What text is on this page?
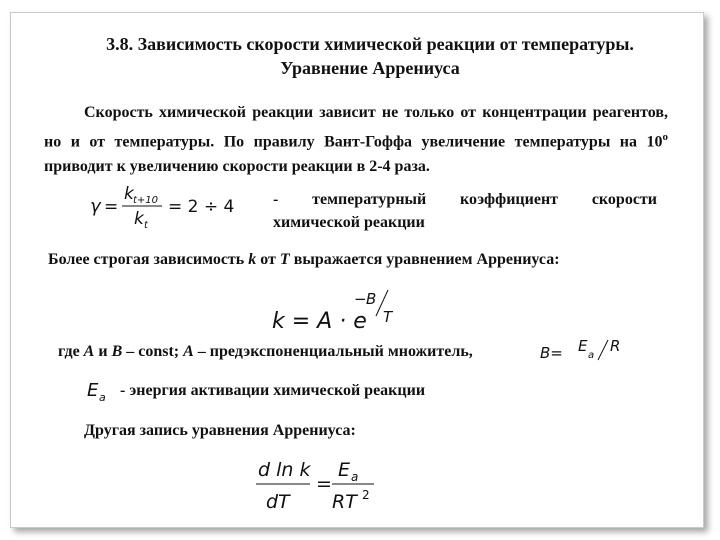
3.8. Зависимость скорости химической реакции от температуры.
Уравнение Аррениуса
Скорость химической реакции зависит не только от концентрации реагентов, но и от температуры. По правилу Вант-Гоффа увеличение температуры на $10^о$ приводит к увеличению скорости реакции в 2-4 раза.
γ =
k t+10
k t
= 2 ÷ 4 - температурный коэффициент скорости
химической реакции
Более строгая зависимость k от T выражается уравнением Аррениуса:
k = A · e
− B
T
где A и B – const; A – предэкспоненциальный множитель,	B= E
a
R
E a - энергия активации химической реакции
Другая запись уравнения Аррениуса:
d ln k
dT
=
E a
RT 2
